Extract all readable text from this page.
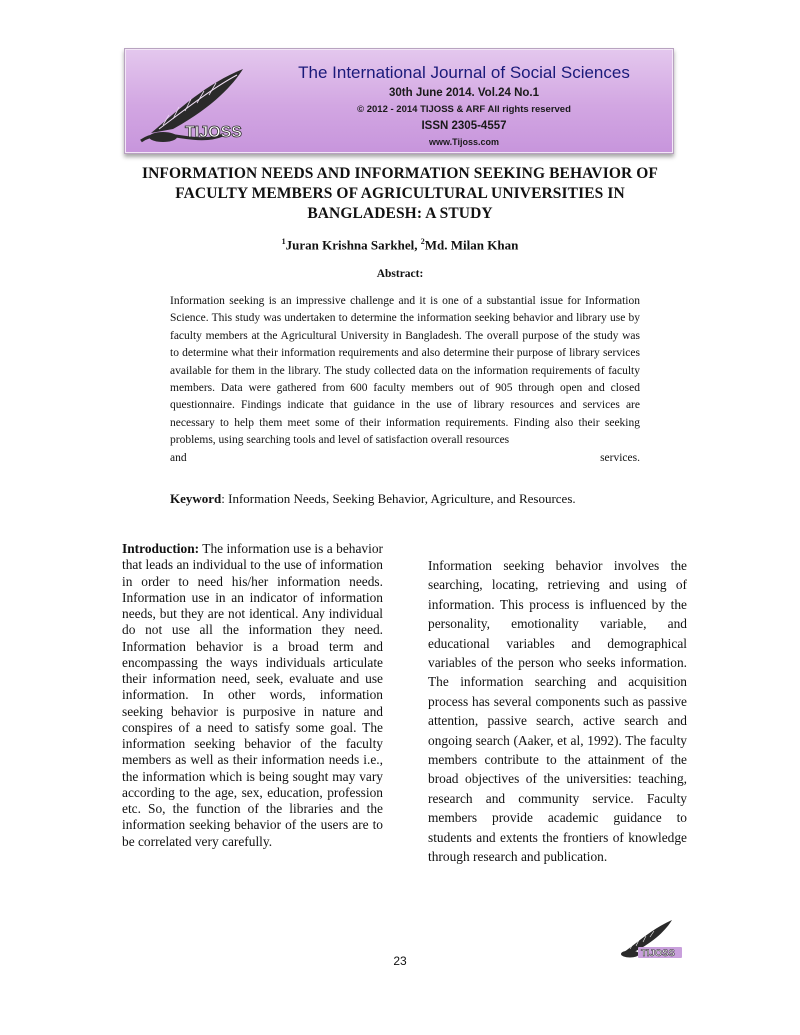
TIJOSS
The International Journal of Social Sciences
30th June 2014. Vol.24 No.1
© 2012 - 2014 TIJOSS & ARF All rights reserved
ISSN 2305-4557
www.Tijoss.com
INFORMATION NEEDS AND INFORMATION SEEKING BEHAVIOR OF FACULTY MEMBERS OF AGRICULTURAL UNIVERSITIES IN BANGLADESH: A STUDY
$^1$Juran Krishna Sarkhel, $^2$Md. Milan Khan
Abstract:
Information seeking is an impressive challenge and it is one of a substantial issue for Information Science. This study was undertaken to determine the information seeking behavior and library use by faculty members at the Agricultural University in Bangladesh. The overall purpose of the study was to determine what their information requirements and also determine their purpose of library services available for them in the library. The study collected data on the information requirements of faculty members. Data were gathered from 600 faculty members out of 905 through open and closed questionnaire. Findings indicate that guidance in the use of library resources and services are necessary to help them meet some of their information requirements. Finding also their seeking problems, using searching tools and level of satisfaction overall resources
and services.
Keyword: Information Needs, Seeking Behavior, Agriculture, and Resources.
Introduction: The information use is a behavior that leads an individual to the use of information in order to need his/her information needs. Information use in an indicator of information needs, but they are not identical. Any individual do not use all the information they need. Information behavior is a broad term and encompassing the ways individuals articulate their information need, seek, evaluate and use information. In other words, information seeking behavior is purposive in nature and conspires of a need to satisfy some goal. The information seeking behavior of the faculty members as well as their information needs i.e., the information which is being sought may vary according to the age, sex, education, profession etc. So, the function of the libraries and the information seeking behavior of the users are to be correlated very carefully.
Information seeking behavior involves the searching, locating, retrieving and using of information. This process is influenced by the personality, emotionality variable, and educational variables and demographical variables of the person who seeks information. The information searching and acquisition process has several components such as passive attention, passive search, active search and ongoing search (Aaker, et al, 1992). The faculty members contribute to the attainment of the broad objectives of the universities: teaching, research and community service. Faculty members provide academic guidance to students and extents the frontiers of knowledge through research and publication.
TIJOSS
23
